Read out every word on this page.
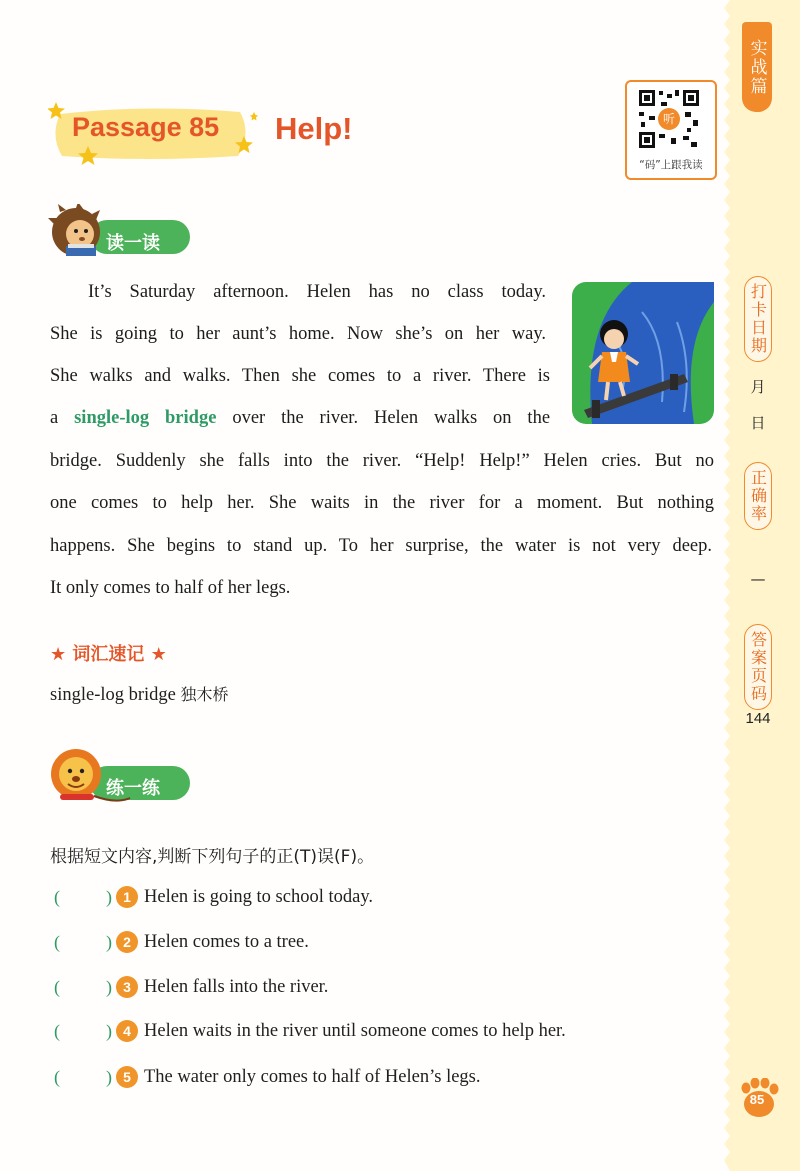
实战篇
打卡日期
月
日
正确率
—
答案页码
144
85
Passage 85 Help!	听
“码”上跟我读
读一读
It’s Saturday afternoon. Helen has no class today.
She is going to her aunt’s home. Now she’s on her way.
She walks and walks. Then she comes to a river. There is
a single-log bridge over the river. Helen walks on the
bridge. Suddenly she falls into the river. “Help! Help!” Helen cries. But no
one comes to help her. She waits in the river for a moment. But nothing
happens. She begins to stand up. To her surprise, the water is not very deep.
It only comes to half of her legs.
★ 词汇速记 ★
single-log bridge 独木桥
练一练
根据短文内容,判断下列句子的正(T)误(F)。
(	) 1 Helen is going to school today.
(	) 2 Helen comes to a tree.
(	) 3 Helen falls into the river.
(	) 4 Helen waits in the river until someone comes to help her.
(	) 5 The water only comes to half of Helen’s legs.
